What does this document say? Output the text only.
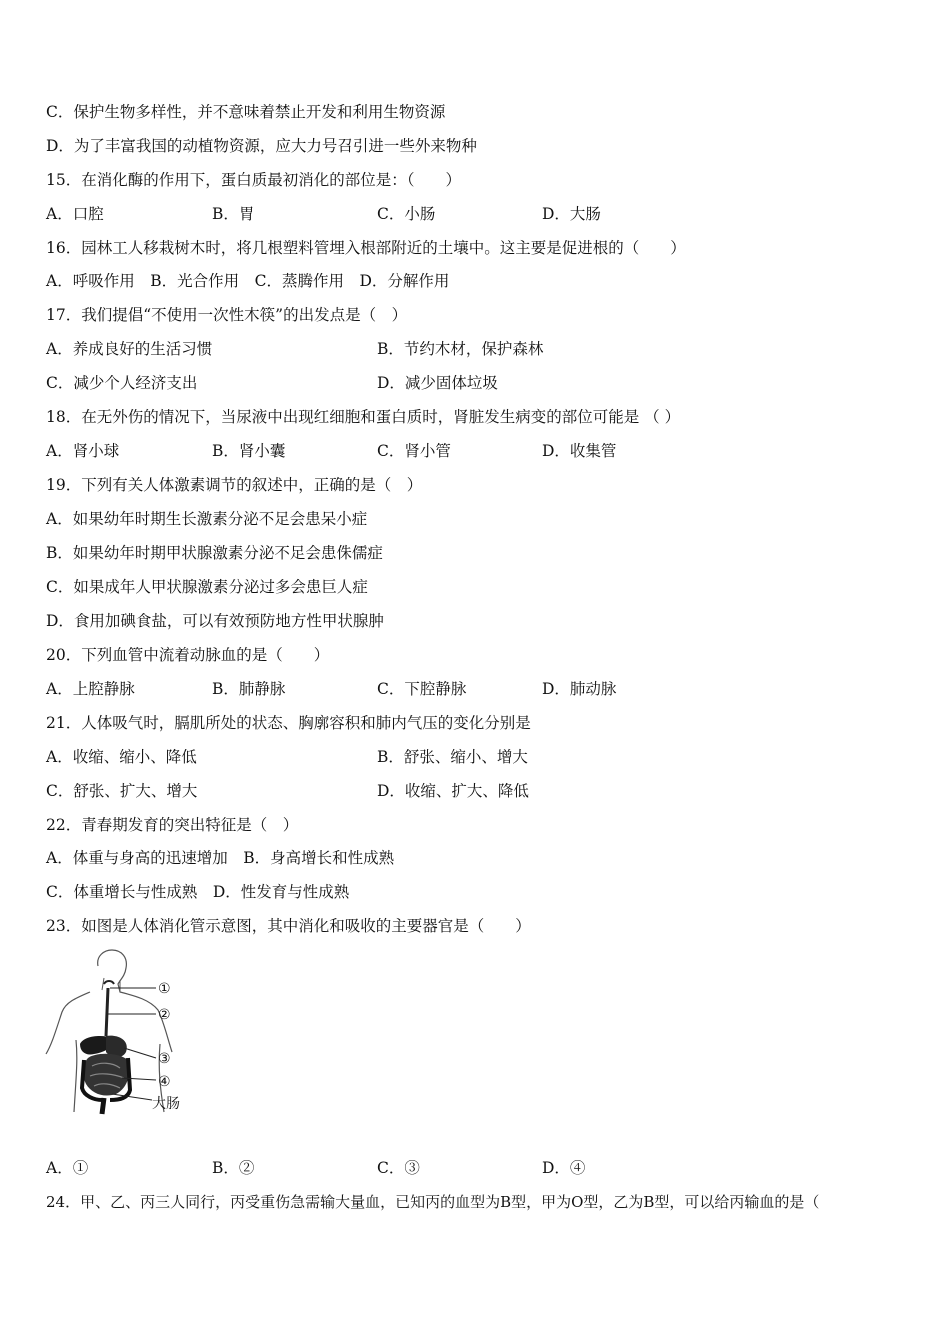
C．保护生物多样性，并不意味着禁止开发和利用生物资源
D．为了丰富我国的动植物资源，应大力号召引进一些外来物种
15．在消化酶的作用下，蛋白质最初消化的部位是：（　　）
A．口腔	B．胃	C．小肠	D．大肠
16．园林工人移栽树木时，将几根塑料管埋入根部附近的土壤中。这主要是促进根的（　　）
A．呼吸作用　B．光合作用　C．蒸腾作用　D．分解作用
17．我们提倡“不使用一次性木筷”的出发点是（　）
A．养成良好的生活习惯	B．节约木材，保护森林
C．减少个人经济支出	D．减少固体垃圾
18．在无外伤的情况下，当尿液中出现红细胞和蛋白质时，肾脏发生病变的部位可能是 （ ）
A．肾小球	B．肾小囊	C．肾小管	D．收集管
19．下列有关人体激素调节的叙述中，正确的是（　）
A．如果幼年时期生长激素分泌不足会患呆小症
B．如果幼年时期甲状腺激素分泌不足会患侏儒症
C．如果成年人甲状腺激素分泌过多会患巨人症
D．食用加碘食盐，可以有效预防地方性甲状腺肿
20．下列血管中流着动脉血的是（　　）
A．上腔静脉	B．肺静脉	C．下腔静脉	D．肺动脉
21．人体吸气时，膈肌所处的状态、胸廓容积和肺内气压的变化分别是
A．收缩、缩小、降低	B．舒张、缩小、增大
C．舒张、扩大、增大	D．收缩、扩大、降低
22．青春期发育的突出特征是（　）
A．体重与身高的迅速增加　B．身高增长和性成熟
C．体重增长与性成熟　D．性发育与性成熟
23．如图是人体消化管示意图，其中消化和吸收的主要器官是（　　）
①
②
③
④
大肠
A．①	B．②	C．③	D．④
24．甲、乙、丙三人同行，丙受重伤急需输大量血，已知丙的血型为B型，甲为O型，乙为B型，可以给丙输血的是（
